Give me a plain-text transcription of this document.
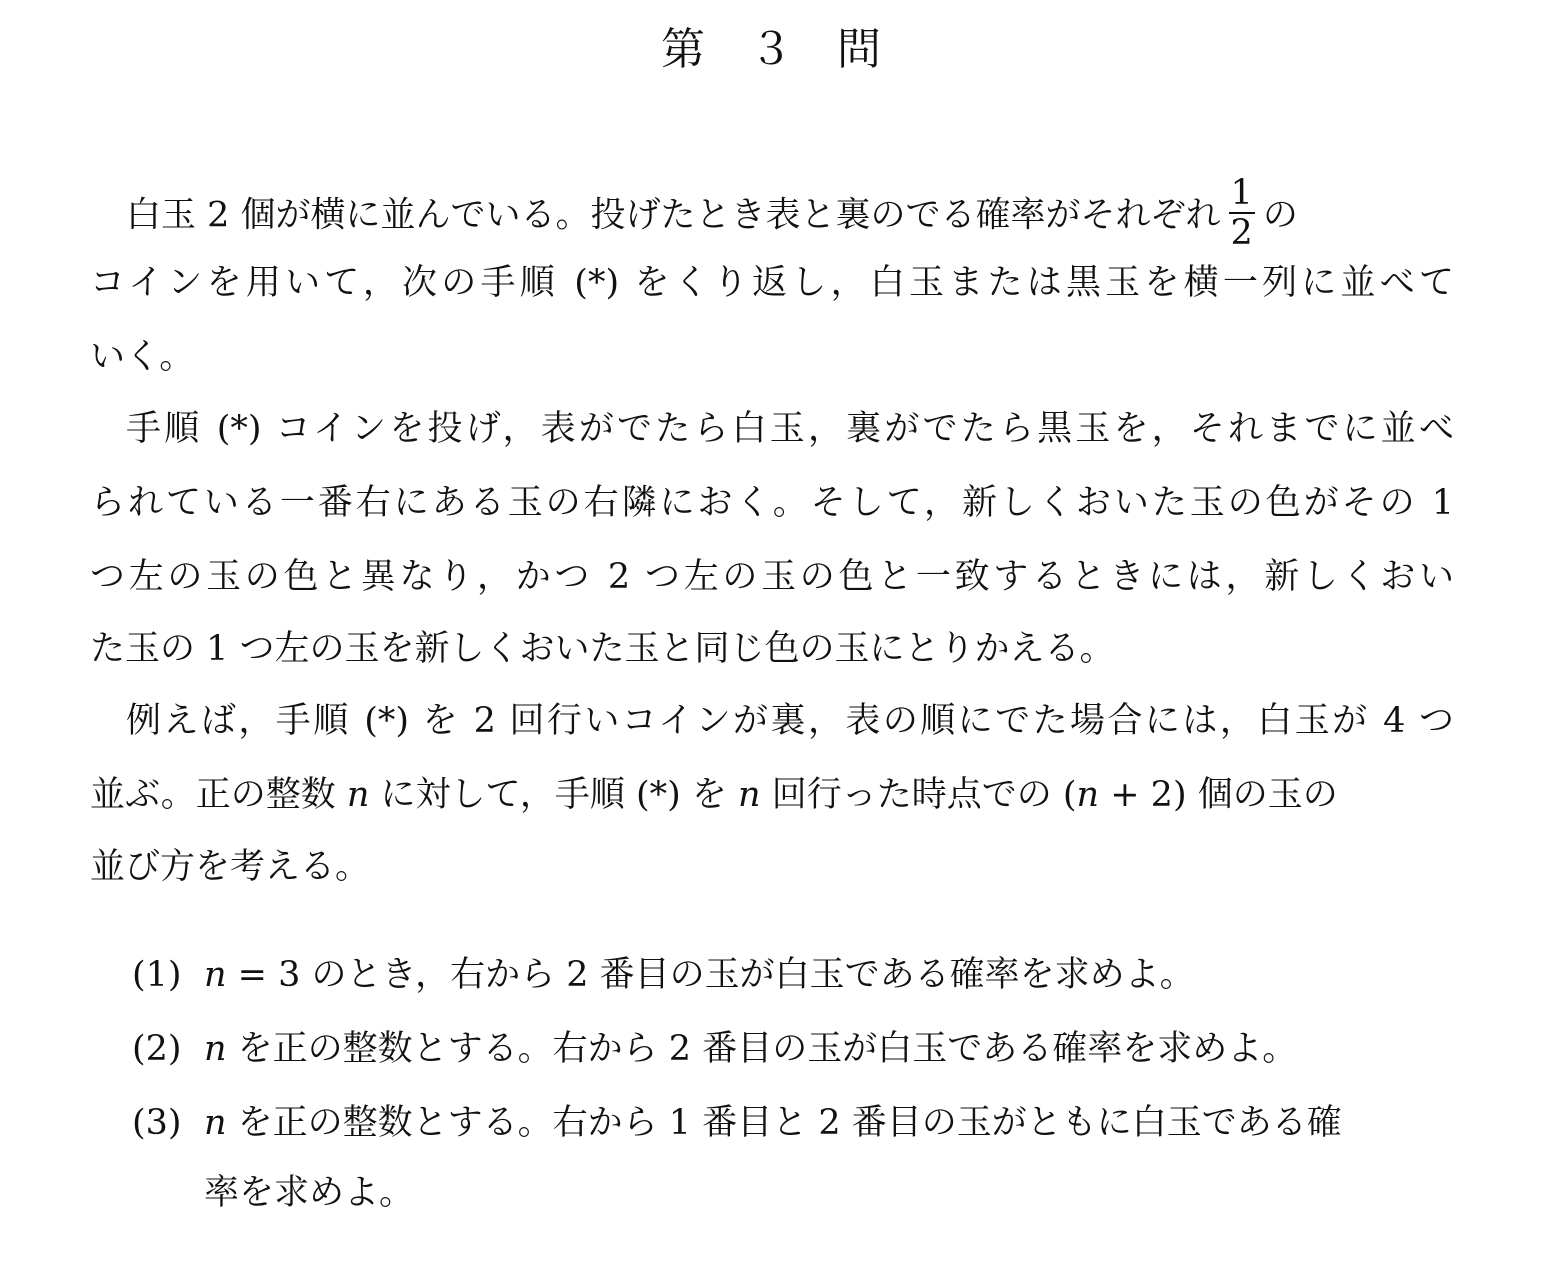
第　３　問
白玉 2 個が横に並んでいる。投げたとき表と裏のでる確率がそれぞれ $\frac{1}{2}$ の
コインを用いて，次の手順 (*) をくり返し，白玉または黒玉を横一列に並べて
いく。
手順 (*) コインを投げ，表がでたら白玉，裏がでたら黒玉を，それまでに並べ
られている一番右にある玉の右隣におく。そして，新しくおいた玉の色がその 1
つ左の玉の色と異なり，かつ 2 つ左の玉の色と一致するときには，新しくおい
た玉の 1 つ左の玉を新しくおいた玉と同じ色の玉にとりかえる。
例えば，手順 (*) を 2 回行いコインが裏，表の順にでた場合には，白玉が 4 つ
並ぶ。正の整数 n に対して，手順 (*) を n 回行った時点での (n + 2) 個の玉の
並び方を考える。
(1) n = 3 のとき，右から 2 番目の玉が白玉である確率を求めよ。
(2) n を正の整数とする。右から 2 番目の玉が白玉である確率を求めよ。
(3) n を正の整数とする。右から 1 番目と 2 番目の玉がともに白玉である確
率を求めよ。
